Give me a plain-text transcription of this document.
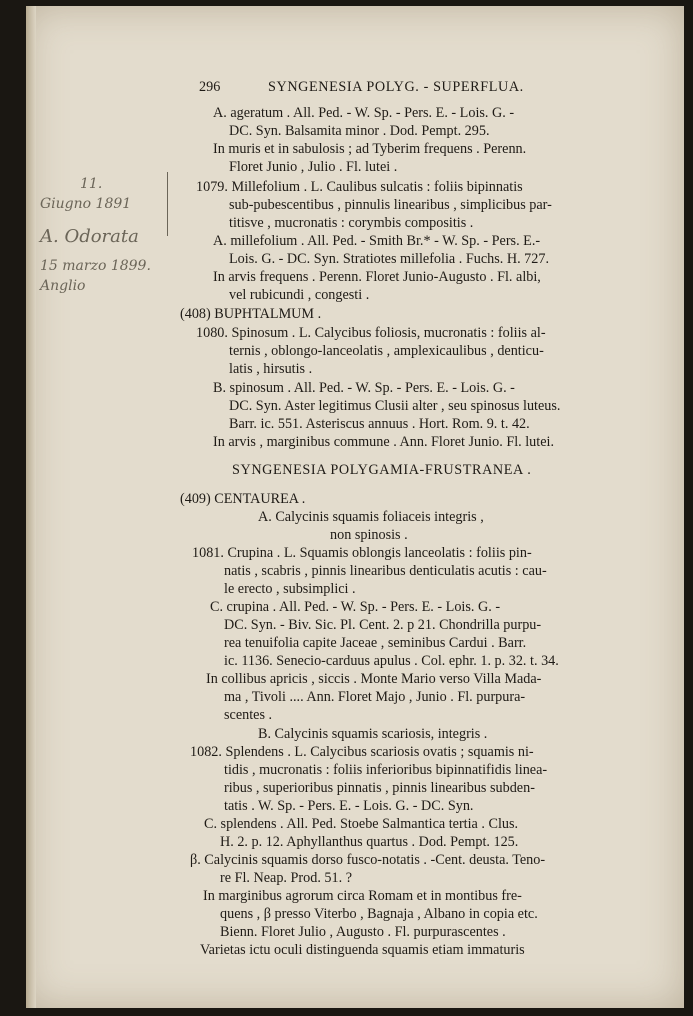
296	SYNGENESIA POLYG. - SUPERFLUA.
A. ageratum . All. Ped. - W. Sp. - Pers. E. - Lois. G. -
DC. Syn. Balsamita minor . Dod. Pempt. 295.
In muris et in sabulosis ; ad Tyberim frequens . Perenn.
Floret Junio , Julio . Fl. lutei .
1079. Millefolium . L. Caulibus sulcatis : foliis bipinnatis
sub-pubescentibus , pinnulis linearibus , simplicibus par-
titisve , mucronatis : corymbis compositis .
A. millefolium . All. Ped. - Smith Br.* - W. Sp. - Pers. E.-
Lois. G. - DC. Syn. Stratiotes millefolia . Fuchs. H. 727.
In arvis frequens . Perenn. Floret Junio-Augusto . Fl. albi,
vel rubicundi , congesti .
(408) BUPHTALMUM .
1080. Spinosum . L. Calycibus foliosis, mucronatis : foliis al-
ternis , oblongo-lanceolatis , amplexicaulibus , denticu-
latis , hirsutis .
B. spinosum . All. Ped. - W. Sp. - Pers. E. - Lois. G. -
DC. Syn. Aster legitimus Clusii alter , seu spinosus luteus.
Barr. ic. 551. Asteriscus annuus . Hort. Rom. 9. t. 42.
In arvis , marginibus commune . Ann. Floret Junio. Fl. lutei.
SYNGENESIA POLYGAMIA-FRUSTRANEA .
(409) CENTAUREA .
A. Calycinis squamis foliaceis integris ,
non spinosis .
1081. Crupina . L. Squamis oblongis lanceolatis : foliis pin-
natis , scabris , pinnis linearibus denticulatis acutis : cau-
le erecto , subsimplici .
C. crupina . All. Ped. - W. Sp. - Pers. E. - Lois. G. -
DC. Syn. - Biv. Sic. Pl. Cent. 2. p 21. Chondrilla purpu-
rea tenuifolia capite Jaceae , seminibus Cardui . Barr.
ic. 1136. Senecio-carduus apulus . Col. ephr. 1. p. 32. t. 34.
In collibus apricis , siccis . Monte Mario verso Villa Mada-
ma , Tivoli .... Ann. Floret Majo , Junio . Fl. purpura-
scentes .
B. Calycinis squamis scariosis, integris .
1082. Splendens . L. Calycibus scariosis ovatis ; squamis ni-
tidis , mucronatis : foliis inferioribus bipinnatifidis linea-
ribus , superioribus pinnatis , pinnis linearibus subden-
tatis . W. Sp. - Pers. E. - Lois. G. - DC. Syn.
C. splendens . All. Ped. Stoebe Salmantica tertia . Clus.
H. 2. p. 12. Aphyllanthus quartus . Dod. Pempt. 125.
β. Calycinis squamis dorso fusco-notatis . -Cent. deusta. Teno-
re Fl. Neap. Prod. 51. ?
In marginibus agrorum circa Romam et in montibus fre-
quens , β presso Viterbo , Bagnaja , Albano in copia etc.
Bienn. Floret Julio , Augusto . Fl. purpurascentes .
Varietas ictu oculi distinguenda squamis etiam immaturis
11.
Giugno 1891
A. Odorata
15 marzo 1899.
Anglio
